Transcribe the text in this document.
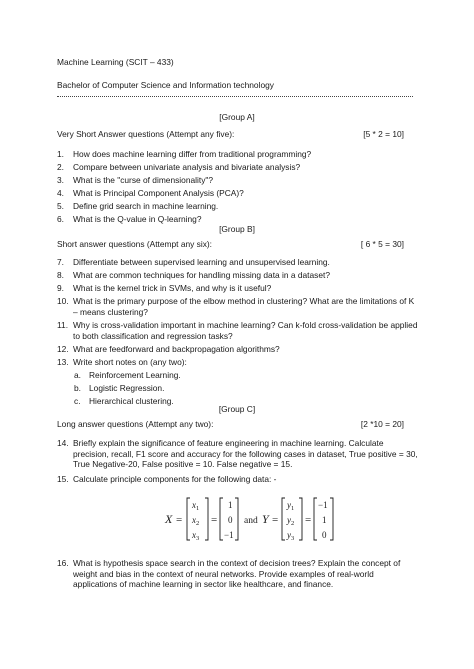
Machine Learning (SCIT – 433)
Bachelor of Computer Science and Information technology
[Group A]
Very Short Answer questions (Attempt any five):	[5 * 2 = 10]
1.	How does machine learning differ from traditional programming?
2.	Compare between univariate analysis and bivariate analysis?
3.	What is the "curse of dimensionality"?
4.	What is Principal Component Analysis (PCA)?
5.	Define grid search in machine learning.
6.	What is the Q-value in Q-learning?
[Group B]
Short answer questions (Attempt any six):	[ 6 * 5 = 30]
7.	Differentiate between supervised learning and unsupervised learning.
8.	What are common techniques for handling missing data in a dataset?
9.	What is the kernel trick in SVMs, and why is it useful?
10. What is the primary purpose of the elbow method in clustering? What are the limitations of K – means clustering?
11. Why is cross-validation important in machine learning? Can k-fold cross-validation be applied to both classification and regression tasks?
12. What are feedforward and backpropagation algorithms?
13. Write short notes on (any two):
a. Reinforcement Learning.
b. Logistic Regression.
c.	Hierarchical clustering.
[Group C]
Long answer questions (Attempt any two):	[2 *10 = 20]
14. Briefly explain the significance of feature engineering in machine learning. Calculate precision, recall, F1 score and accuracy for the following cases in dataset, True positive = 30, True Negative-20, False positive = 10. False negative = 15.
15. Calculate principle components for the following data: -
X =
$x_1$
$x_2$
$x_3$
=
1
0
−1
and Y =
$y_1$
$y_2$
$y_3$
=
−1
1
0
16. What is hypothesis space search in the context of decision trees? Explain the concept of weight and bias in the context of neural networks. Provide examples of real-world applications of machine learning in sector like healthcare, and finance.
